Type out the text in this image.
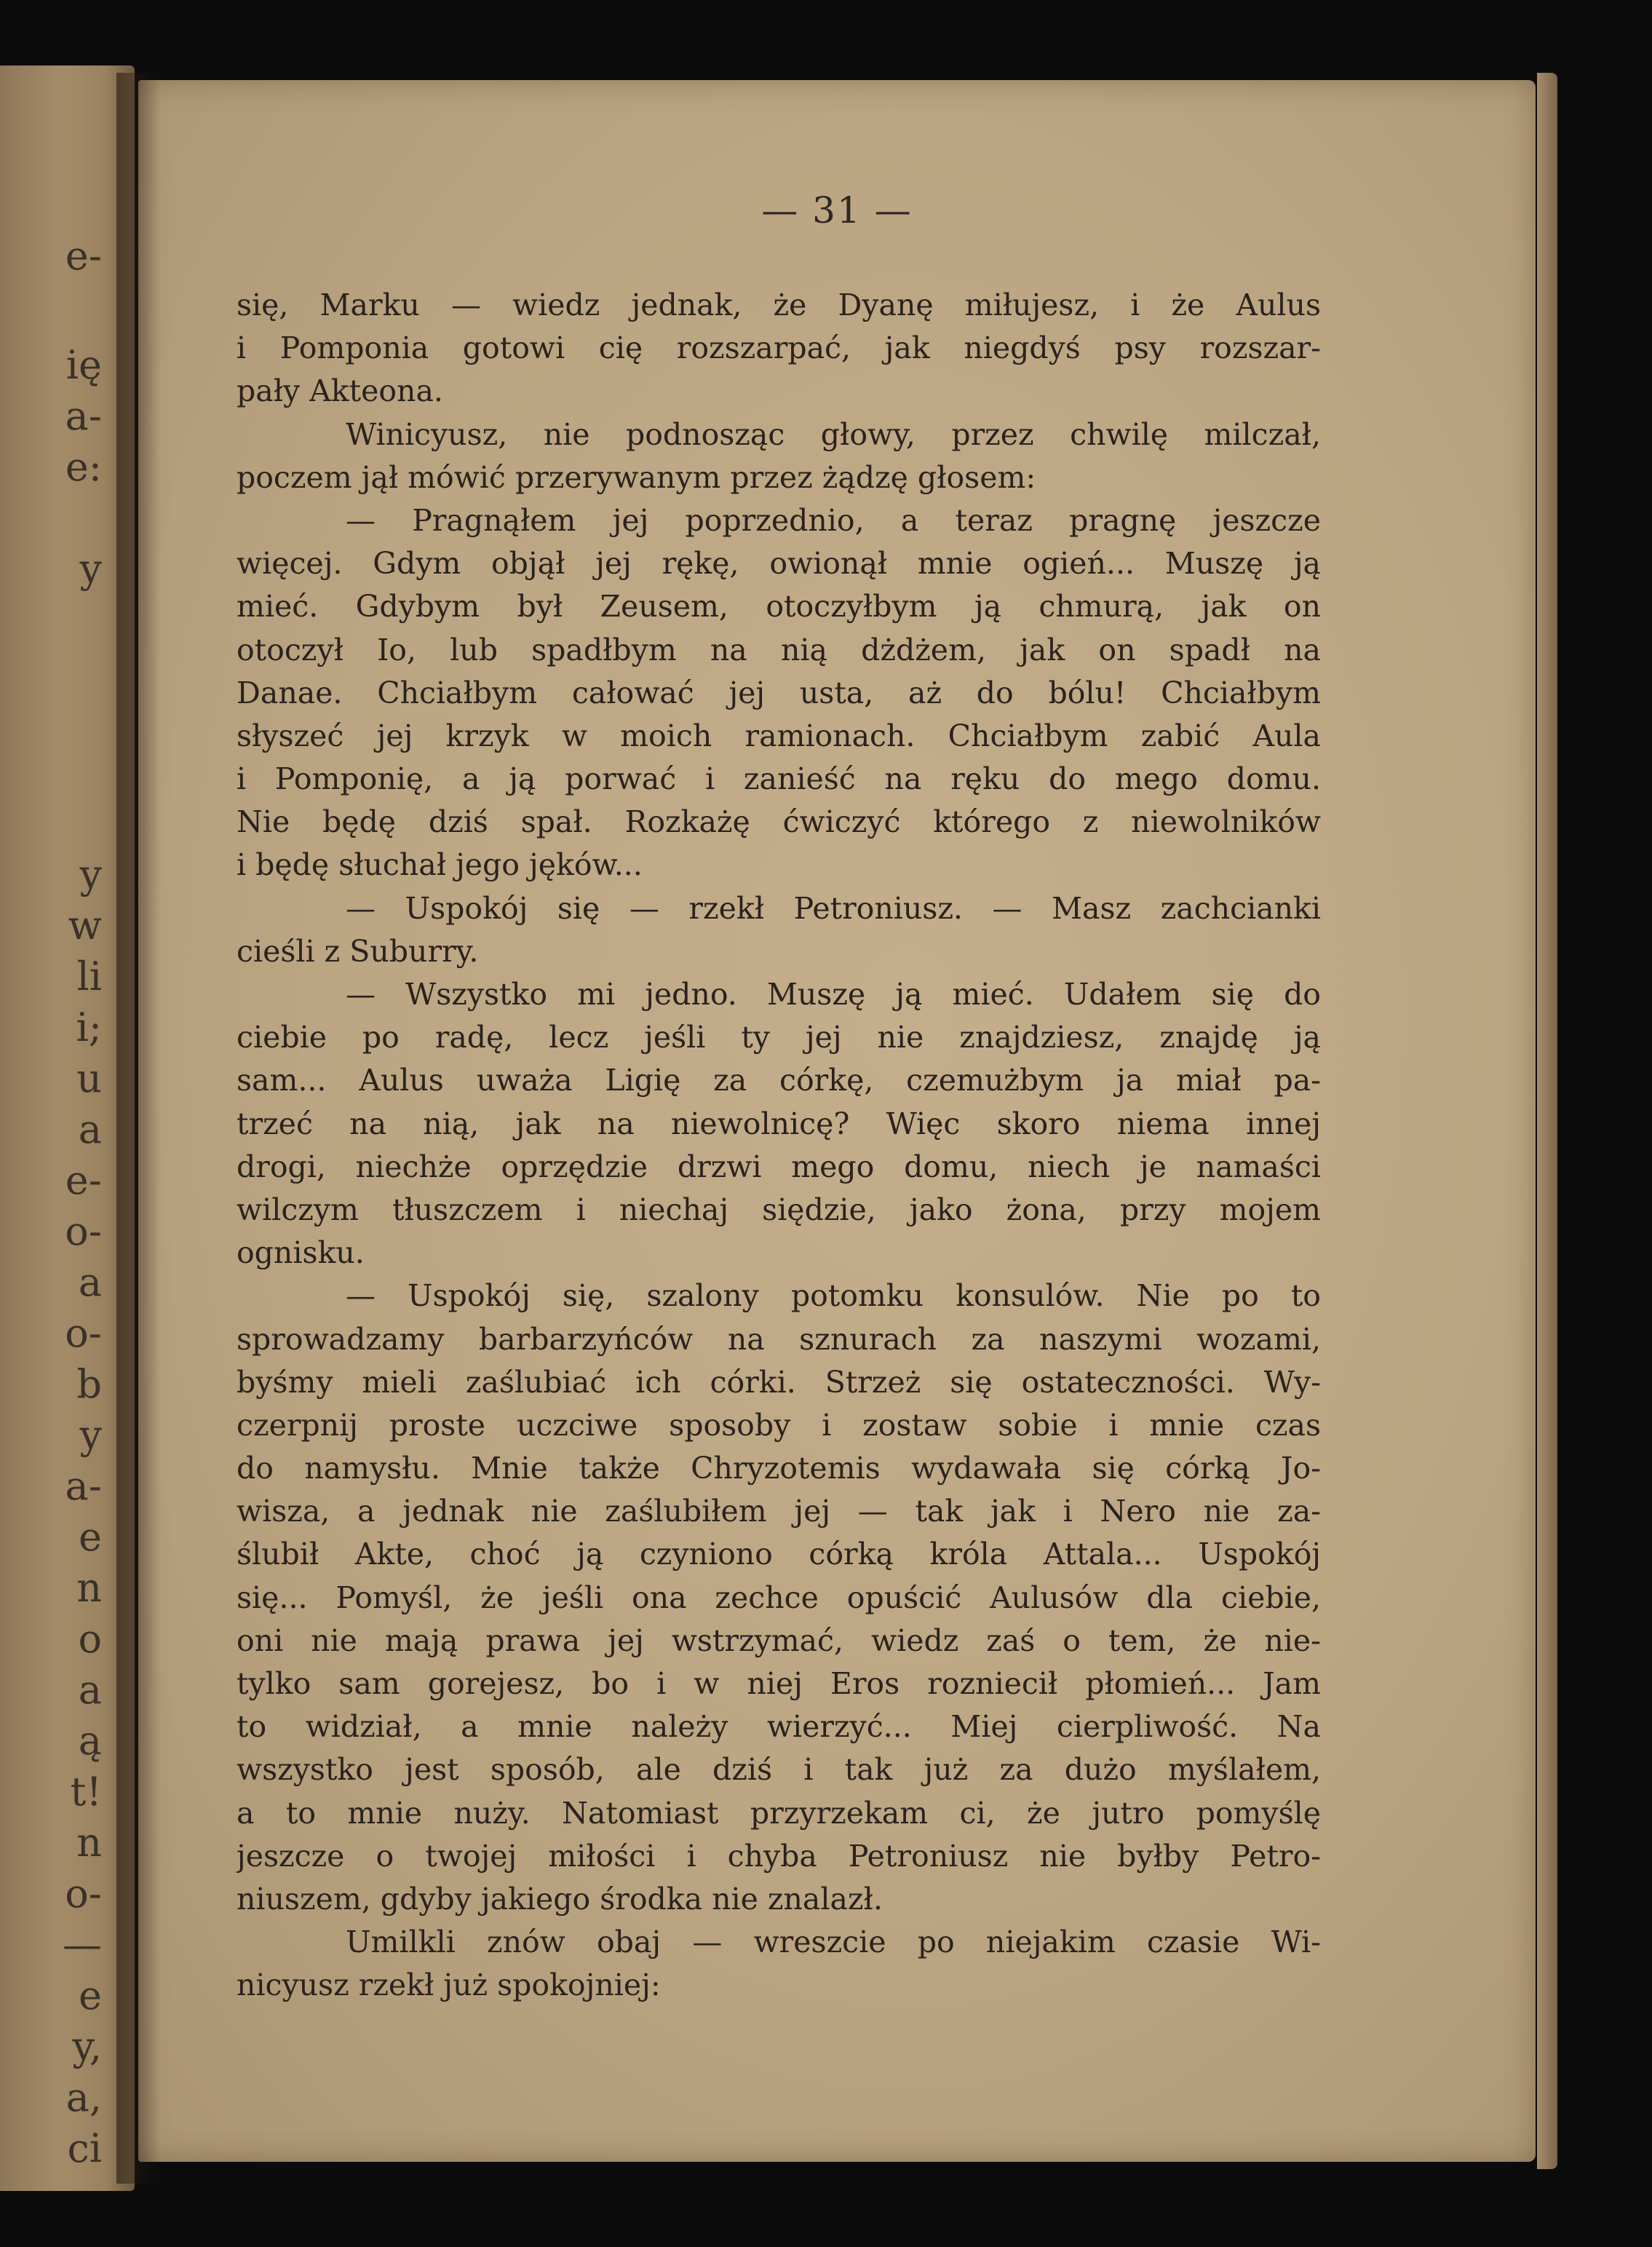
e-
ię
a-
e:
y
y
w
li
i;
u
a
e-
o-
a
o-
b
y
a-
e
n
o
a
ą
t!
n
o-
—
e
y,
a,
ci
— 31 —
się, Marku — wiedz jednak, że Dyanę miłujesz, i że Aulus
i Pomponia gotowi cię rozszarpać, jak niegdyś psy rozszar-
pały Akteona.
Winicyusz, nie podnosząc głowy, przez chwilę milczał,
poczem jął mówić przerywanym przez żądzę głosem:
— Pragnąłem jej poprzednio, a teraz pragnę jeszcze
więcej. Gdym objął jej rękę, owionął mnie ogień... Muszę ją
mieć. Gdybym był Zeusem, otoczyłbym ją chmurą, jak on
otoczył Io, lub spadłbym na nią dżdżem, jak on spadł na
Danae. Chciałbym całować jej usta, aż do bólu! Chciałbym
słyszeć jej krzyk w moich ramionach. Chciałbym zabić Aula
i Pomponię, a ją porwać i zanieść na ręku do mego domu.
Nie będę dziś spał. Rozkażę ćwiczyć którego z niewolników
i będę słuchał jego jęków...
— Uspokój się — rzekł Petroniusz. — Masz zachcianki
cieśli z Suburry.
— Wszystko mi jedno. Muszę ją mieć. Udałem się do
ciebie po radę, lecz jeśli ty jej nie znajdziesz, znajdę ją
sam... Aulus uważa Ligię za córkę, czemużbym ja miał pa-
trzeć na nią, jak na niewolnicę? Więc skoro niema innej
drogi, niechże oprzędzie drzwi mego domu, niech je namaści
wilczym tłuszczem i niechaj siędzie, jako żona, przy mojem
ognisku.
— Uspokój się, szalony potomku konsulów. Nie po to
sprowadzamy barbarzyńców na sznurach za naszymi wozami,
byśmy mieli zaślubiać ich córki. Strzeż się ostateczności. Wy-
czerpnij proste uczciwe sposoby i zostaw sobie i mnie czas
do namysłu. Mnie także Chryzotemis wydawała się córką Jo-
wisza, a jednak nie zaślubiłem jej — tak jak i Nero nie za-
ślubił Akte, choć ją czyniono córką króla Attala... Uspokój
się... Pomyśl, że jeśli ona zechce opuścić Aulusów dla ciebie,
oni nie mają prawa jej wstrzymać, wiedz zaś o tem, że nie-
tylko sam gorejesz, bo i w niej Eros rozniecił płomień... Jam
to widział, a mnie należy wierzyć... Miej cierpliwość. Na
wszystko jest sposób, ale dziś i tak już za dużo myślałem,
a to mnie nuży. Natomiast przyrzekam ci, że jutro pomyślę
jeszcze o twojej miłości i chyba Petroniusz nie byłby Petro-
niuszem, gdyby jakiego środka nie znalazł.
Umilkli znów obaj — wreszcie po niejakim czasie Wi-
nicyusz rzekł już spokojniej:
